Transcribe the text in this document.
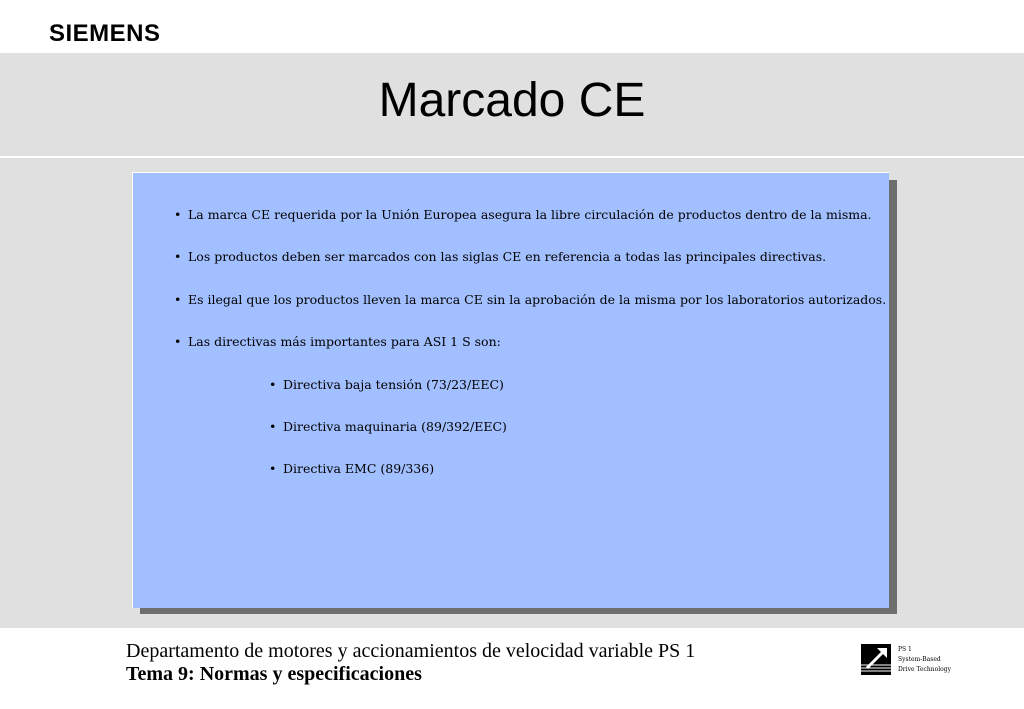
SIEMENS
Marcado CE
• La marca CE requerida por la Unión Europea asegura la libre circulación de productos dentro de la misma.
• Los productos deben ser marcados con las siglas CE en referencia a todas las principales directivas.
• Es ilegal que los productos lleven la marca CE sin la aprobación de la misma por los laboratorios autorizados.
• Las directivas más importantes para ASI 1 S son:
• Directiva baja tensión (73/23/EEC)
• Directiva maquinaria (89/392/EEC)
• Directiva EMC (89/336)
Departamento de motores y accionamientos de velocidad variable PS 1
Tema 9: Normas y especificaciones
PS 1
System-Based
Drive Technology
